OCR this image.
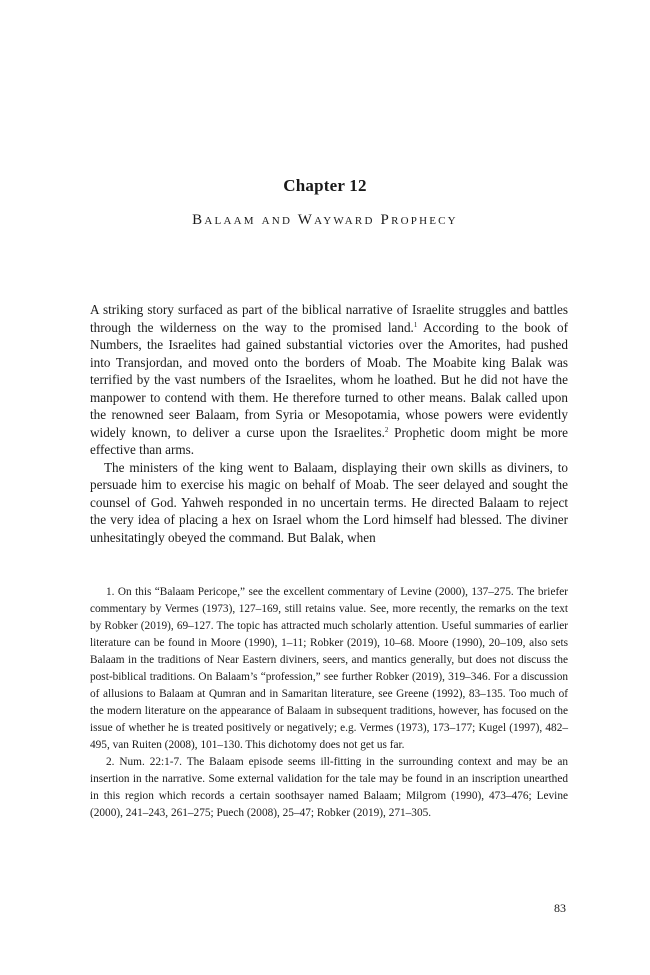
Chapter 12
Balaam and Wayward Prophecy

A striking story surfaced as part of the biblical narrative of Israelite struggles and battles through the wilderness on the way to the promised land.$^1$ According to the book of Numbers, the Israelites had gained substantial victories over the Amorites, had pushed into Transjordan, and moved onto the borders of Moab. The Moabite king Balak was terrified by the vast numbers of the Israelites, whom he loathed. But he did not have the manpower to contend with them. He therefore turned to other means. Balak called upon the renowned seer Balaam, from Syria or Mesopotamia, whose powers were evidently widely known, to deliver a curse upon the Israelites.$^2$ Prophetic doom might be more effective than arms.

The ministers of the king went to Balaam, displaying their own skills as diviners, to persuade him to exercise his magic on behalf of Moab. The seer delayed and sought the counsel of God. Yahweh responded in no uncertain terms. He directed Balaam to reject the very idea of placing a hex on Israel whom the Lord himself had blessed. The diviner unhesitatingly obeyed the command. But Balak, when

1. On this “Balaam Pericope,” see the excellent commentary of Levine (2000), 137–275. The briefer commentary by Vermes (1973), 127–169, still retains value. See, more recently, the remarks on the text by Robker (2019), 69–127. The topic has attracted much scholarly attention. Useful summaries of earlier literature can be found in Moore (1990), 1–11; Robker (2019), 10–68. Moore (1990), 20–109, also sets Balaam in the traditions of Near Eastern diviners, seers, and mantics generally, but does not discuss the post-biblical traditions. On Balaam’s “profession,” see further Robker (2019), 319–346. For a discussion of allusions to Balaam at Qumran and in Samaritan literature, see Greene (1992), 83–135. Too much of the modern literature on the appearance of Balaam in subsequent traditions, however, has focused on the issue of whether he is treated positively or negatively; e.g. Vermes (1973), 173–177; Kugel (1997), 482–495, van Ruiten (2008), 101–130. This dichotomy does not get us far.

2. Num. 22:1-7. The Balaam episode seems ill-fitting in the surrounding context and may be an insertion in the narrative. Some external validation for the tale may be found in an inscription unearthed in this region which records a certain soothsayer named Balaam; Milgrom (1990), 473–476; Levine (2000), 241–243, 261–275; Puech (2008), 25–47; Robker (2019), 271–305.

83
